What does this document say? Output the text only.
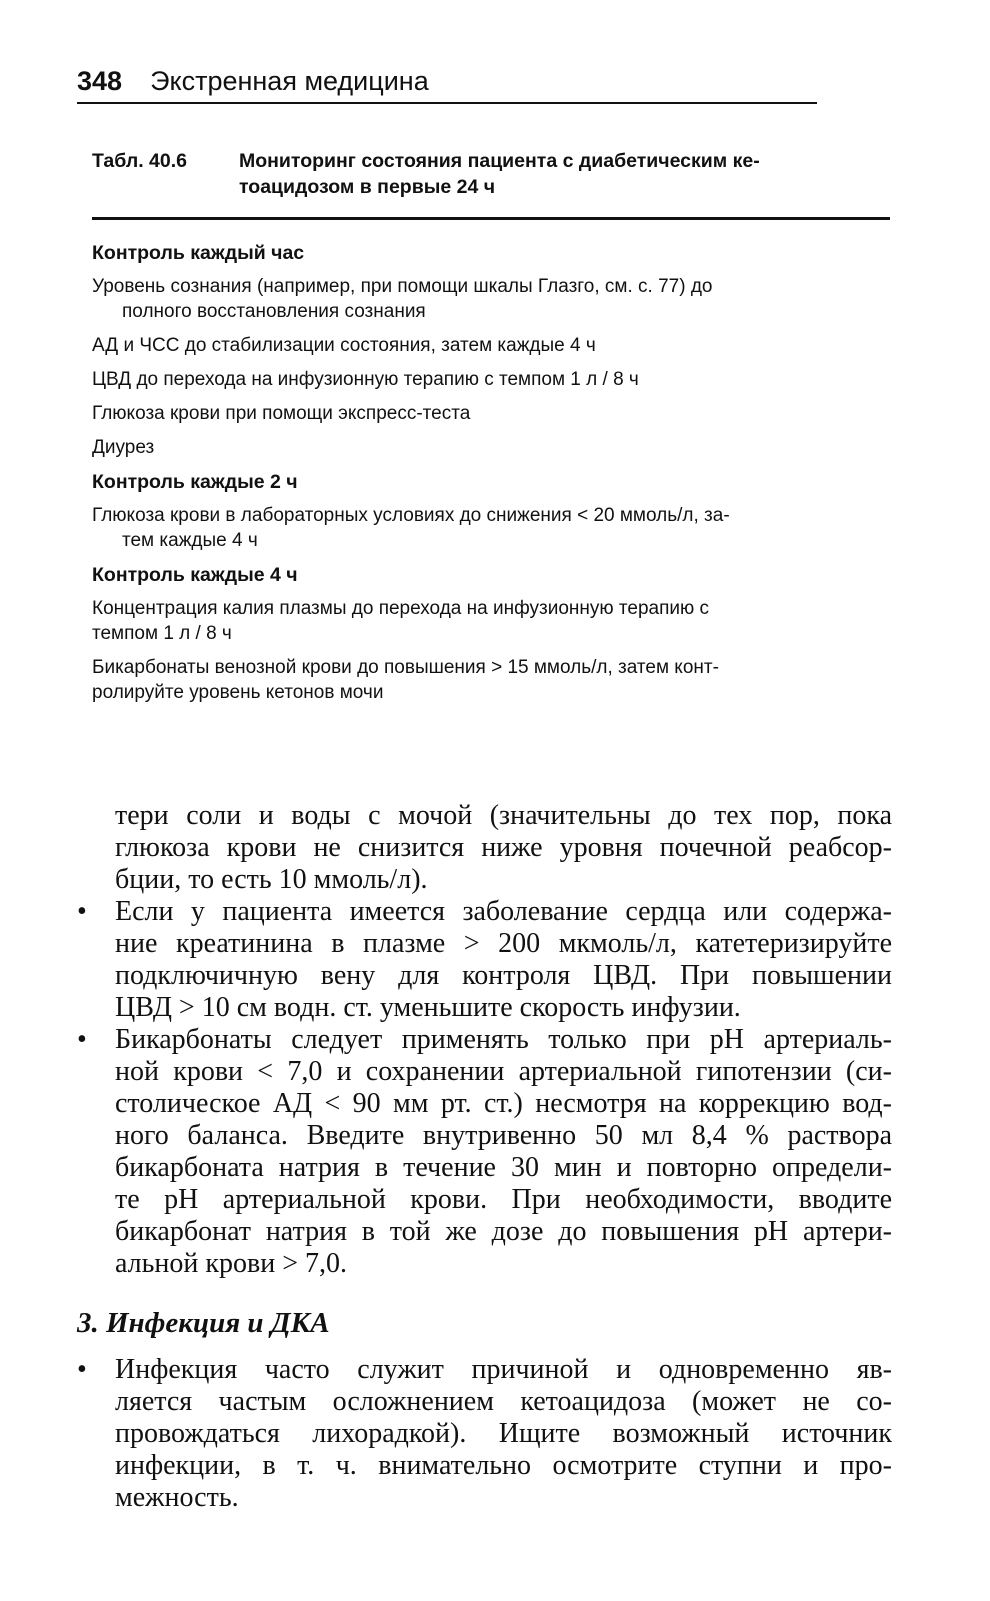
348 Экстренная медицина
Табл. 40.6	Мониторинг состояния пациента с диабетическим ке-
тоацидозом в первые 24 ч
Контроль каждый час
Уровень сознания (например, при помощи шкалы Глазго, см. с. 77) до
полного восстановления сознания
АД и ЧСС до стабилизации состояния, затем каждые 4 ч
ЦВД до перехода на инфузионную терапию с темпом 1 л / 8 ч
Глюкоза крови при помощи экспресс-теста
Диурез
Контроль каждые 2 ч
Глюкоза крови в лабораторных условиях до снижения < 20 ммоль/л, за-
тем каждые 4 ч
Контроль каждые 4 ч
Концентрация калия плазмы до перехода на инфузионную терапию с
темпом 1 л / 8 ч
Бикарбонаты венозной крови до повышения > 15 ммоль/л, затем конт-
ролируйте уровень кетонов мочи
тери соли и воды с мочой (значительны до тех пор, пока
глюкоза крови не снизится ниже уровня почечной реабсор-
бции, то есть 10 ммоль/л).
•	Если у пациента имеется заболевание сердца или содержа-
ние креатинина в плазме > 200 мкмоль/л, катетеризируйте
подключичную вену для контроля ЦВД. При повышении
ЦВД > 10 см водн. ст. уменьшите скорость инфузии.
•	Бикарбонаты следует применять только при pH артериаль-
ной крови < 7,0 и сохранении артериальной гипотензии (си-
столическое АД < 90 мм рт. ст.) несмотря на коррекцию вод-
ного баланса. Введите внутривенно 50 мл 8,4 % раствора
бикарбоната натрия в течение 30 мин и повторно определи-
те pH артериальной крови. При необходимости, вводите
бикарбонат натрия в той же дозе до повышения pH артери-
альной крови > 7,0.
3. Инфекция и ДКА
•	Инфекция часто служит причиной и одновременно яв-
ляется частым осложнением кетоацидоза (может не со-
провождаться лихорадкой). Ищите возможный источник
инфекции, в т. ч. внимательно осмотрите ступни и про-
межность.
